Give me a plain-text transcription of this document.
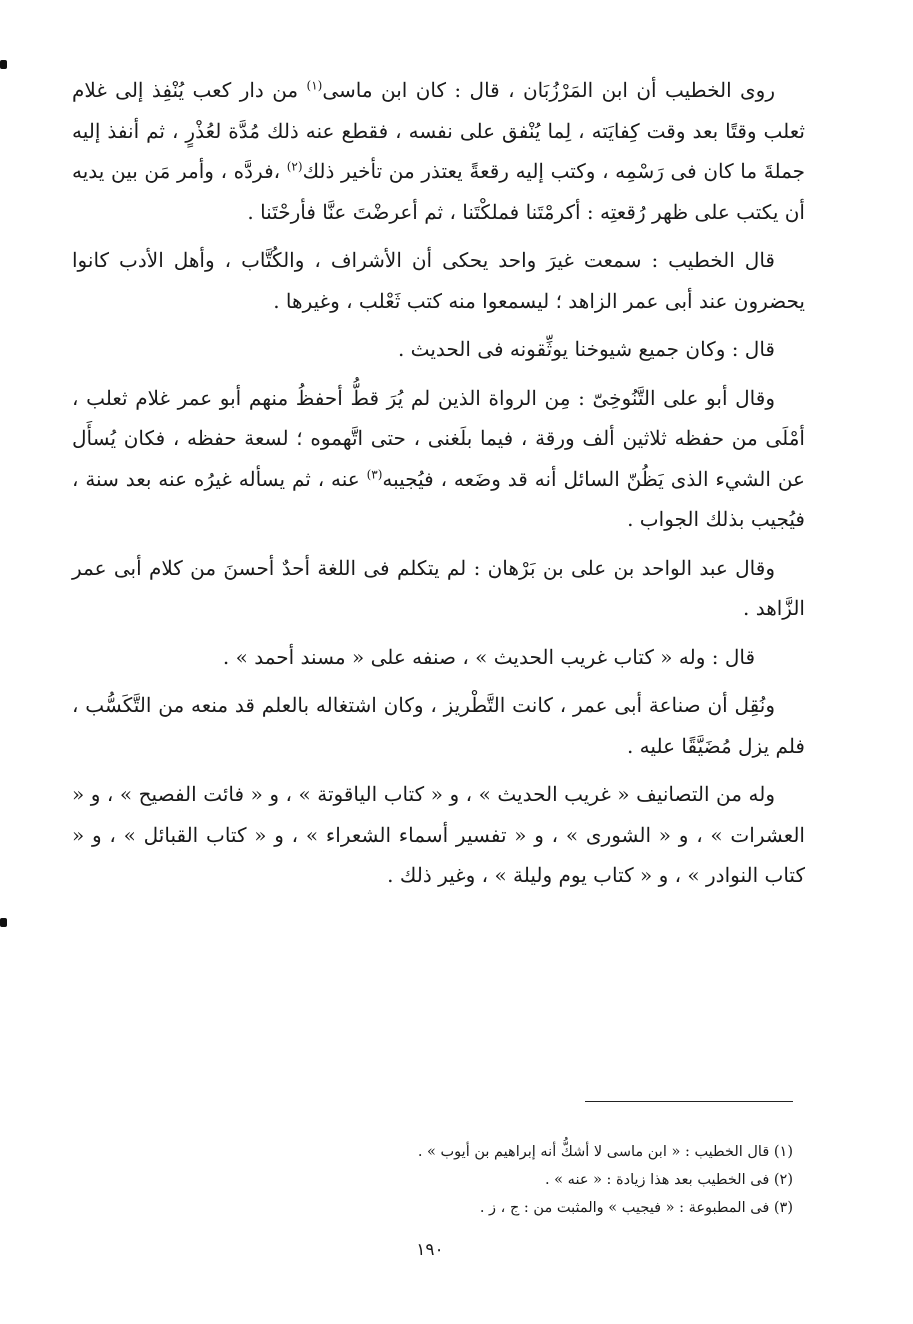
روى الخطيب أن ابن المَرْزُبَان ، قال : كان ابن ماسى$^{(١)}$ من دار كعب يُنْفِذ إلى غلام ثعلب وقتًا بعد وقت كِفايَته ، لِما يُنْفق على نفسه ، فقطع عنه ذلك مُدَّة لعُذْرٍ ، ثم أنفذ إليه جملةَ ما كان فى رَسْمِه ، وكتب إليه رقعةً يعتذر من تأخير ذلك$^{(٢)}$ ،فردَّه ، وأمر مَن بين يديه أن يكتب على ظهر رُقعتِه : أكرمْتَنا فملكْتَنا ، ثم أعرضْتَ عنَّا فأرحْتَنا .

قال الخطيب : سمعت غيرَ واحد يحكى أن الأشراف ، والكُتَّاب ، وأهل الأدب كانوا يحضرون عند أبى عمر الزاهد ؛ ليسمعوا منه كتب ثَعْلب ، وغيرها .

قال : وكان جميع شيوخنا يوثِّقونه فى الحديث .

وقال أبو على التَّنُوخِىّ : مِن الرواة الذين لم يُرَ قطُّ أحفظُ منهم أبو عمر غلام ثعلب ، أمْلَى من حفظه ثلاثين ألف ورقة ، فيما بلَغنى ، حتى اتَّهموه ؛ لسعة حفظه ، فكان يُسأَل عن الشيء الذى يَظُنّ السائل أنه قد وضَعه ، فيُجيبه$^{(٣)}$ عنه ، ثم يسأله غيرُه عنه بعد سنة ، فيُجيب بذلك الجواب .

وقال عبد الواحد بن على بن بَرْهان : لم يتكلم فى اللغة أحدٌ أحسنَ من كلام أبى عمر الزَّاهد .

قال : وله « كتاب غريب الحديث » ، صنفه على « مسند أحمد » .

ونُقِل أن صناعة أبى عمر ، كانت التَّطْريز ، وكان اشتغاله بالعلم قد منعه من التَّكَسُّب ، فلم يزل مُضَيَّقًا عليه .

وله من التصانيف « غريب الحديث » ، و « كتاب الياقوتة » ، و « فائت الفصيح » ، و « العشرات » ، و « الشورى » ، و « تفسير أسماء الشعراء » ، و « كتاب القبائل » ، و « كتاب النوادر » ، و « كتاب يوم وليلة » ، وغير ذلك .

(١) قال الخطيب : « ابن ماسى لا أشكُّ أنه إبراهيم بن أيوب » .

(٢) فى الخطيب بعد هذا زيادة : « عنه » .

(٣) فى المطبوعة : « فيجيب » والمثبت من : ج ، ز .

١٩٠
